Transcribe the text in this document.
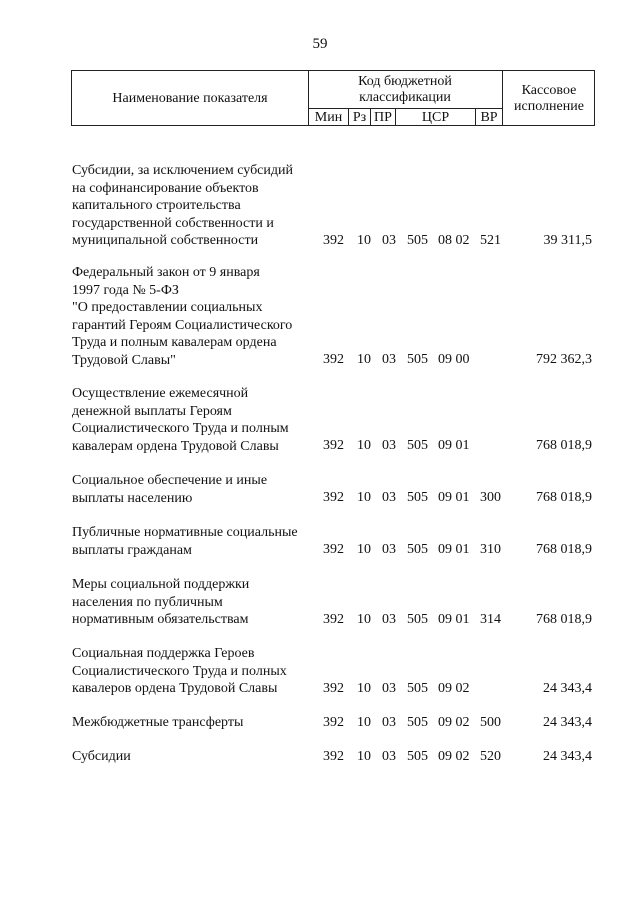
59
Наименование показателя
Код бюджетной классификации
Мин Рз ПР	ЦСР	ВР
Кассовое исполнение
Субсидии, за исключением субсидий
на софинансирование объектов
капитального строительства
государственной собственности и
муниципальной собственности	392 10 03 505 08 02 521	39 311,5
Федеральный закон от 9 января
1997 года № 5-ФЗ
"О предоставлении социальных
гарантий Героям Социалистического
Труда и полным кавалерам ордена
Трудовой Славы"	392 10 03 505 09 00	792 362,3
Осуществление ежемесячной
денежной выплаты Героям
Социалистического Труда и полным
кавалерам ордена Трудовой Славы	392 10 03 505 09 01	768 018,9
Социальное обеспечение и иные
выплаты населению	392 10 03 505 09 01 300	768 018,9
Публичные нормативные социальные
выплаты гражданам	392 10 03 505 09 01 310	768 018,9
Меры социальной поддержки
населения по публичным
нормативным обязательствам	392 10 03 505 09 01 314	768 018,9
Социальная поддержка Героев
Социалистического Труда и полных
кавалеров ордена Трудовой Славы	392 10 03 505 09 02	24 343,4
Межбюджетные трансферты	392 10 03 505 09 02 500	24 343,4
Субсидии	392 10 03 505 09 02 520	24 343,4
